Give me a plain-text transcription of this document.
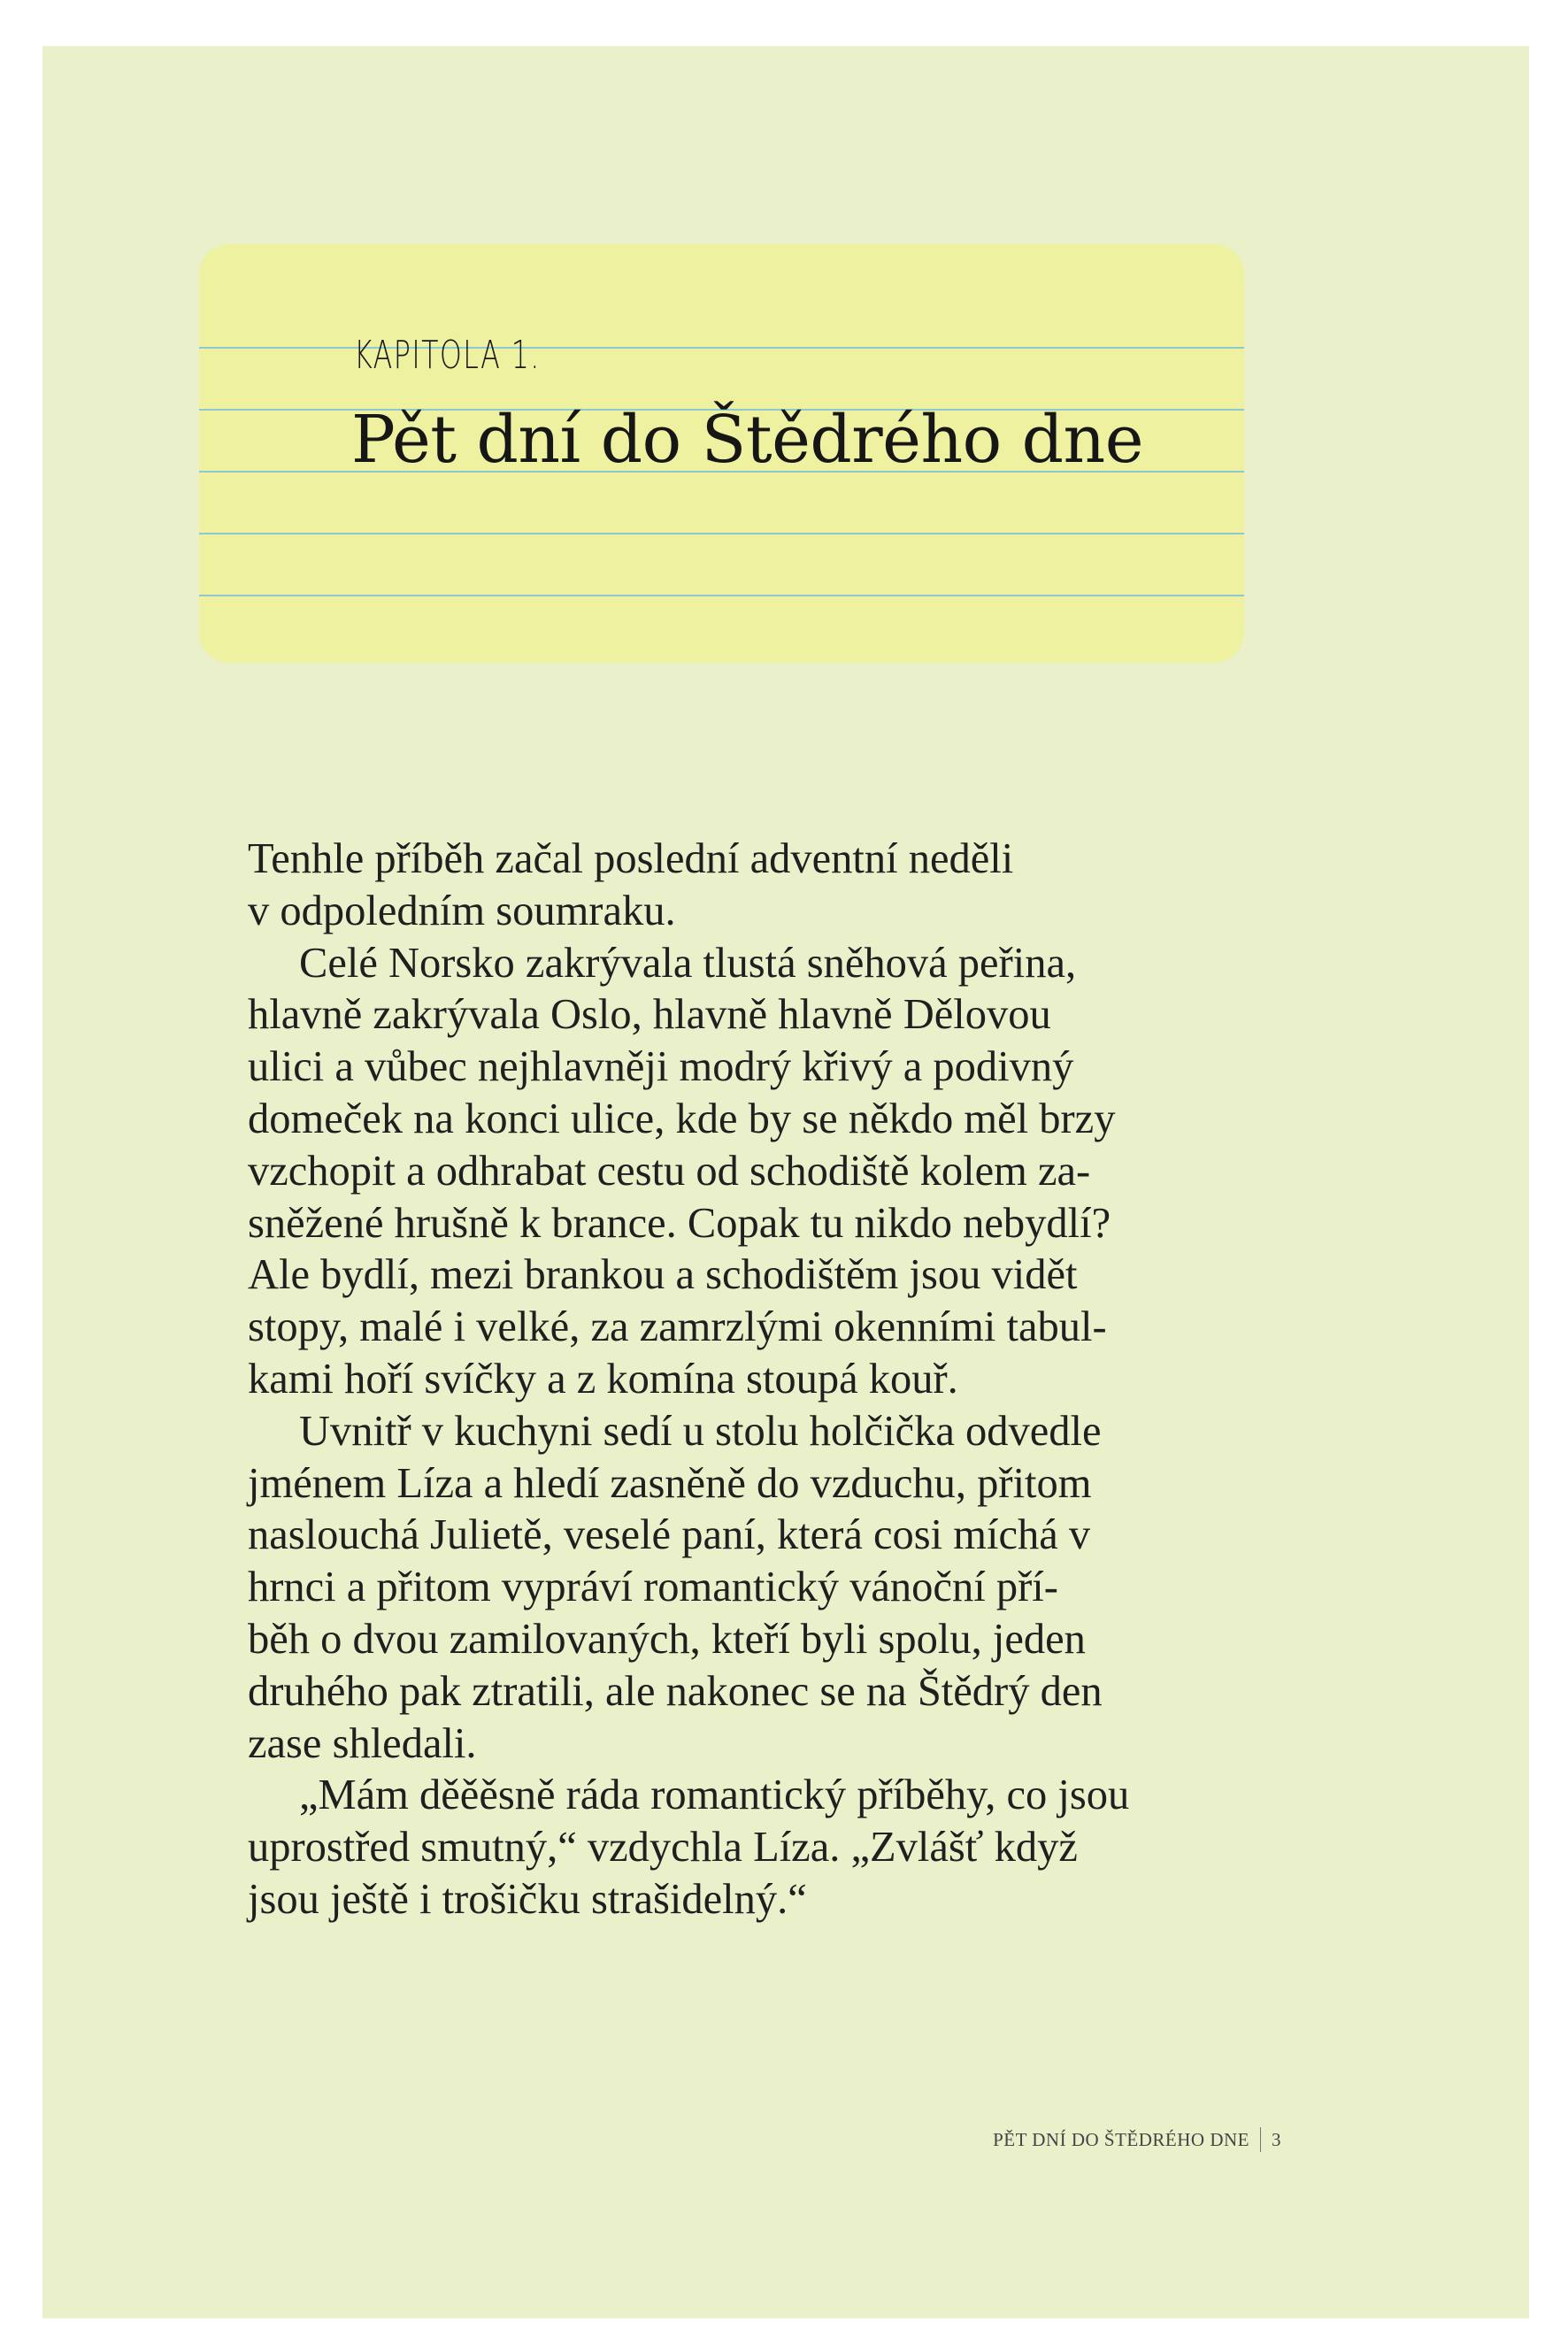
KAPITOLA 1.
Pět dní do Štědrého dne
Tenhle příběh začal poslední adventní neděli
v odpoledním soumraku.
Celé Norsko zakrývala tlustá sněhová peřina,
hlavně zakrývala Oslo, hlavně hlavně Dělovou
ulici a vůbec nejhlavněji modrý křivý a podivný
domeček na konci ulice, kde by se někdo měl brzy
vzchopit a odhrabat cestu od schodiště kolem za-
sněžené hrušně k brance. Copak tu nikdo nebydlí?
Ale bydlí, mezi brankou a schodištěm jsou vidět
stopy, malé i velké, za zamrzlými okenními tabul-
kami hoří svíčky a z komína stoupá kouř.
Uvnitř v kuchyni sedí u stolu holčička odvedle
jménem Líza a hledí zasněně do vzduchu, přitom
naslouchá Julietě, veselé paní, která cosi míchá v
hrnci a přitom vypráví romantický vánoční pří-
běh o dvou zamilovaných, kteří byli spolu, jeden
druhého pak ztratili, ale nakonec se na Štědrý den
zase shledali.
„Mám děěěsně ráda romantický příběhy, co jsou
uprostřed smutný,“ vzdychla Líza. „Zvlášť když
jsou ještě i trošičku strašidelný.“
PĚT DNÍ DO ŠTĚDRÉHO DNE 3
